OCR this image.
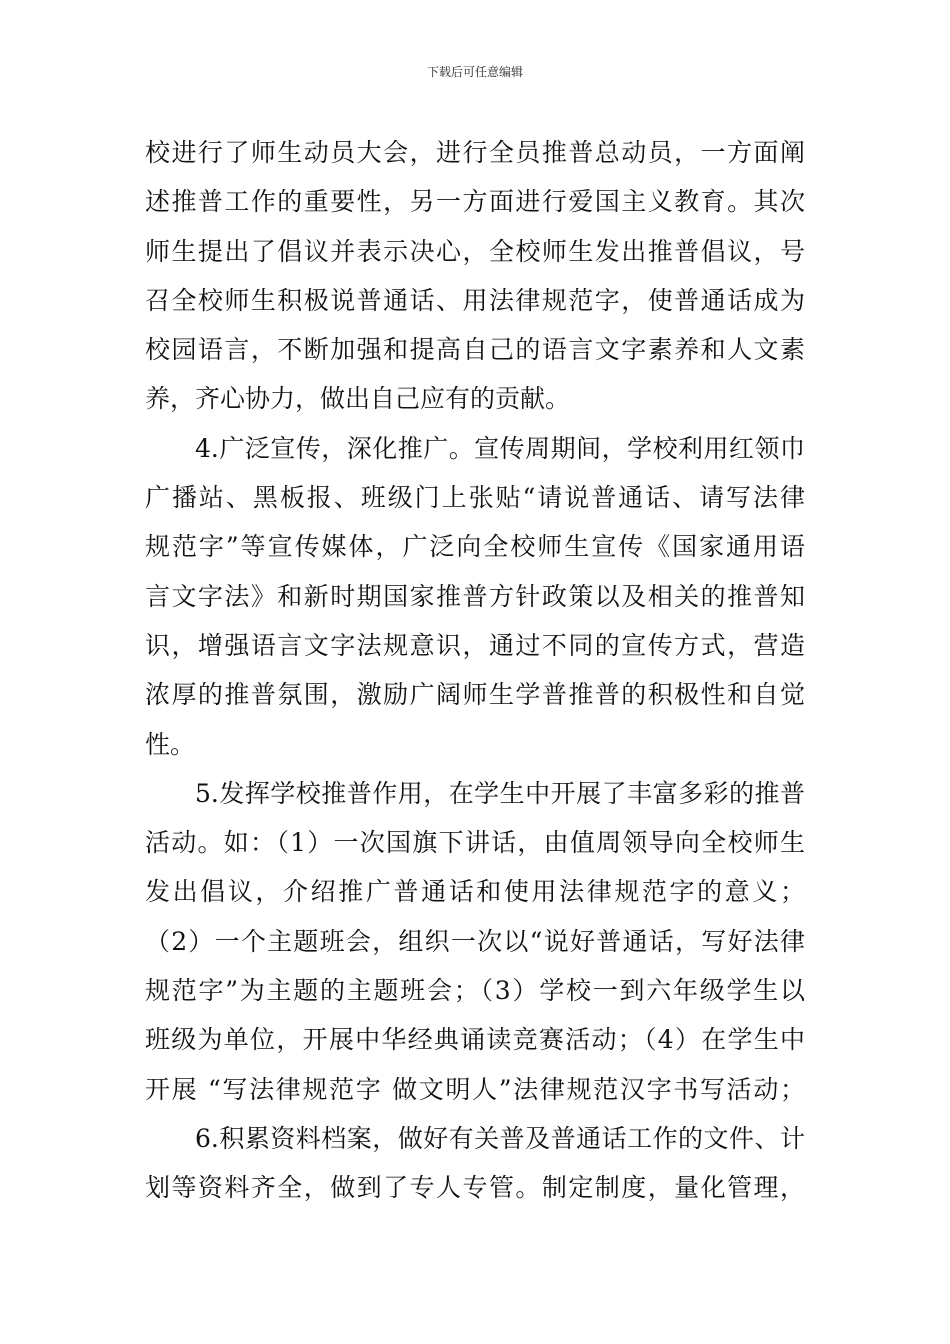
下载后可任意编辑
校进行了师生动员大会，进行全员推普总动员，一方面阐
述推普工作的重要性，另一方面进行爱国主义教育。其次
师生提出了倡议并表示决心，全校师生发出推普倡议，号
召全校师生积极说普通话、用法律规范字，使普通话成为
校园语言，不断加强和提高自己的语言文字素养和人文素
养，齐心协力，做出自己应有的贡献。
4.广泛宣传，深化推广。宣传周期间，学校利用红领巾
广播站、黑板报、班级门上张贴“请说普通话、请写法律
规范字”等宣传媒体，广泛向全校师生宣传《国家通用语
言文字法》和新时期国家推普方针政策以及相关的推普知
识，增强语言文字法规意识，通过不同的宣传方式，营造
浓厚的推普氛围，激励广阔师生学普推普的积极性和自觉
性。
5.发挥学校推普作用，在学生中开展了丰富多彩的推普
活动。如：（1）一次国旗下讲话，由值周领导向全校师生
发出倡议，介绍推广普通话和使用法律规范字的意义；
（2）一个主题班会，组织一次以“说好普通话，写好法律
规范字”为主题的主题班会；（3）学校一到六年级学生以
班级为单位，开展中华经典诵读竞赛活动；（4）在学生中
开展 “写法律规范字 做文明人”法律规范汉字书写活动；
6.积累资料档案，做好有关普及普通话工作的文件、计
划等资料齐全，做到了专人专管。制定制度，量化管理，
